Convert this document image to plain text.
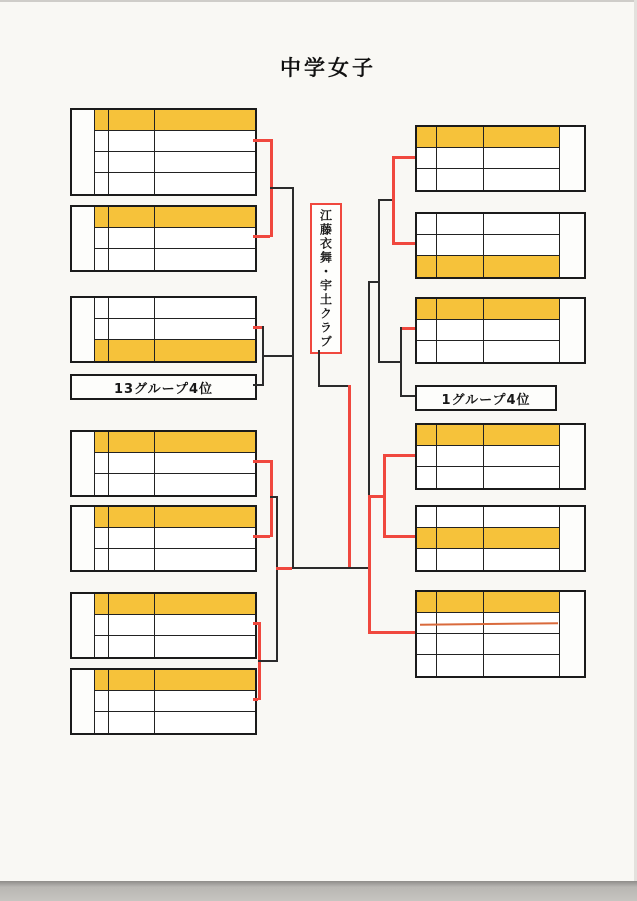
中学女子
江藤衣舞・宇土クラブ
13グループ4位
1グループ4位
